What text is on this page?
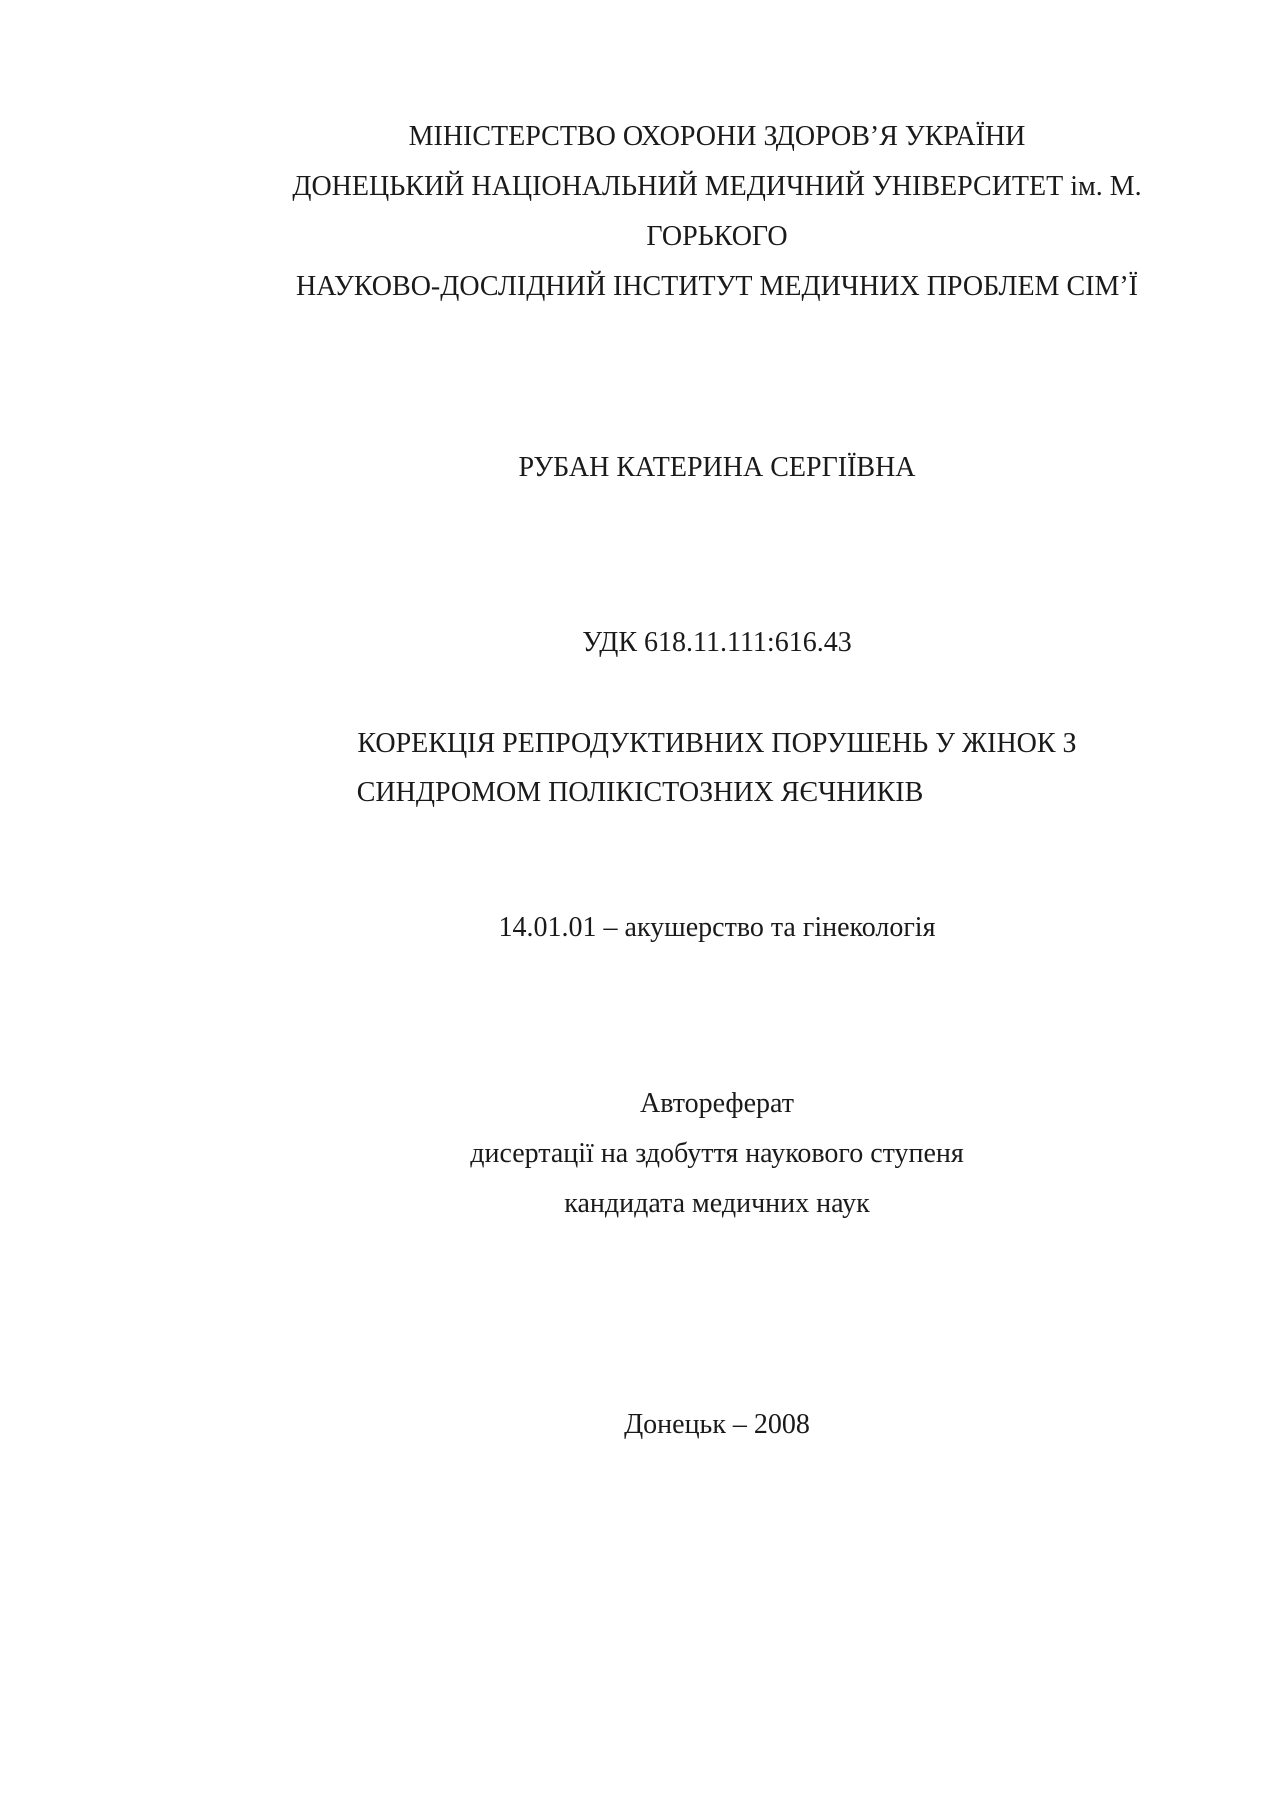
МІНІСТЕРСТВО ОХОРОНИ ЗДОРОВ’Я УКРАЇНИ
ДОНЕЦЬКИЙ НАЦІОНАЛЬНИЙ МЕДИЧНИЙ УНІВЕРСИТЕТ ім. М.
ГОРЬКОГО
НАУКОВО-ДОСЛІДНИЙ ІНСТИТУТ МЕДИЧНИХ ПРОБЛЕМ СІМ’Ї
РУБАН КАТЕРИНА СЕРГІЇВНА
УДК 618.11.111:616.43
КОРЕКЦІЯ РЕПРОДУКТИВНИХ ПОРУШЕНЬ У ЖІНОК З
СИНДРОМОМ ПОЛІКІСТОЗНИХ ЯЄЧНИКІВ
14.01.01 – акушерство та гінекологія
Автореферат
дисертації на здобуття наукового ступеня
кандидата медичних наук
Донецьк – 2008
